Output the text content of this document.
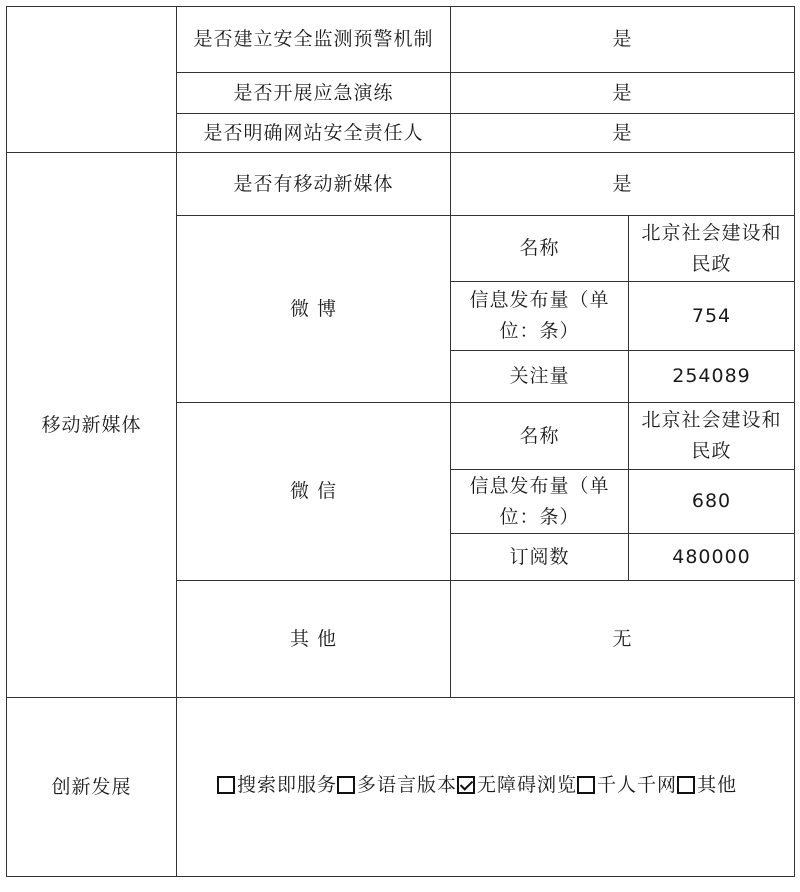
	是否建立安全监测预警机制	是	
	是否开展应急演练	是	
	是否明确网站安全责任人	是	
移动新媒体	是否有移动新媒体	是	
	微 博	名称	北京社会建设和民政
		信息发布量（单位：条）	754
		关注量	254089
	微 信	名称	北京社会建设和民政
		信息发布量（单位：条）	680
		订阅数	480000
	其 他	无	
创新发展	搜索即服务 多语言版本 无障碍浏览 千人千网 其他		
